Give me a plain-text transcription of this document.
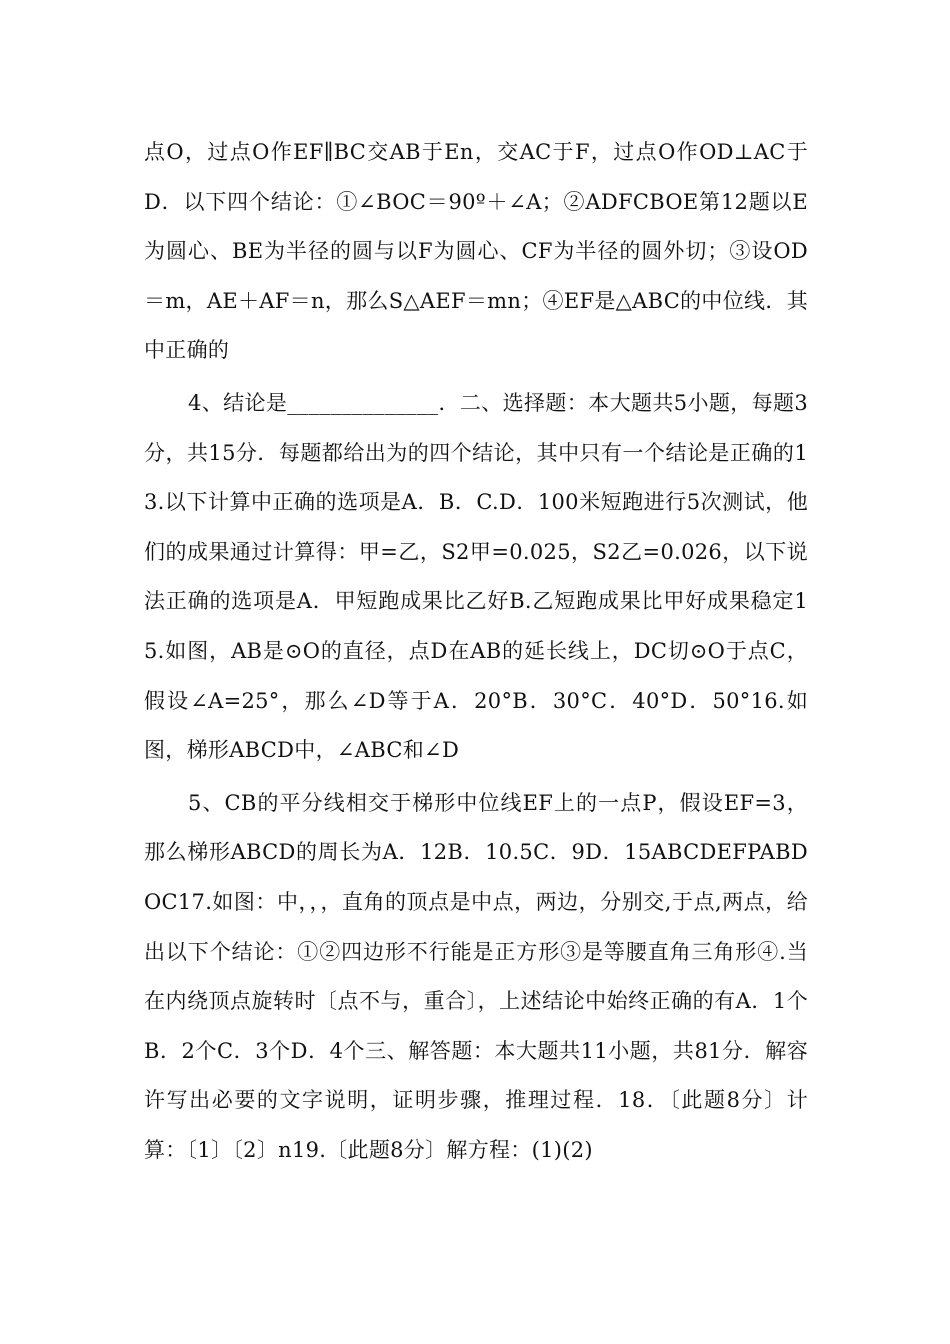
点O，过点O作EF∥BC交AB于En，交AC于F，过点O作OD⊥AC于D．以下四个结论：①∠BOC＝90º＋∠A；②ADFCBOE第12题以E为圆心、BE为半径的圆与以F为圆心、CF为半径的圆外切；③设OD＝m，AE＋AF＝n，那么S△AEF＝mn；④EF是△ABC的中位线．其中正确的

4、结论是______________．二、选择题：本大题共5小题，每题3分，共15分．每题都给出为的四个结论，其中只有一个结论是正确的13.以下计算中正确的选项是A．B．C.D．100米短跑进行5次测试，他们的成果通过计算得：甲=乙，S2甲=0.025，S2乙=0.026，以下说法正确的选项是A．甲短跑成果比乙好B.乙短跑成果比甲好成果稳定15.如图，AB是⊙O的直径，点D在AB的延长线上，DC切⊙O于点C，假设∠A=25°，那么∠D等于A．20°B．30°C．40°D．50°16.如图，梯形ABCD中，∠ABC和∠D

5、CB的平分线相交于梯形中位线EF上的一点P，假设EF=3，那么梯形ABCD的周长为A．12B．10.5C．9D．15ABCDEFPABDOC17.如图：中，，，直角的顶点是中点，两边，分别交,于点,两点，给出以下个结论：①②四边形不行能是正方形③是等腰直角三角形④.当在内绕顶点旋转时〔点不与，重合〕，上述结论中始终正确的有A．1个B．2个C．3个D．4个三、解答题：本大题共11小题，共81分．解容许写出必要的文字说明，证明步骤，推理过程．18．〔此题8分〕计算：〔1〕〔2〕n19.〔此题8分〕解方程：(1)(2)
